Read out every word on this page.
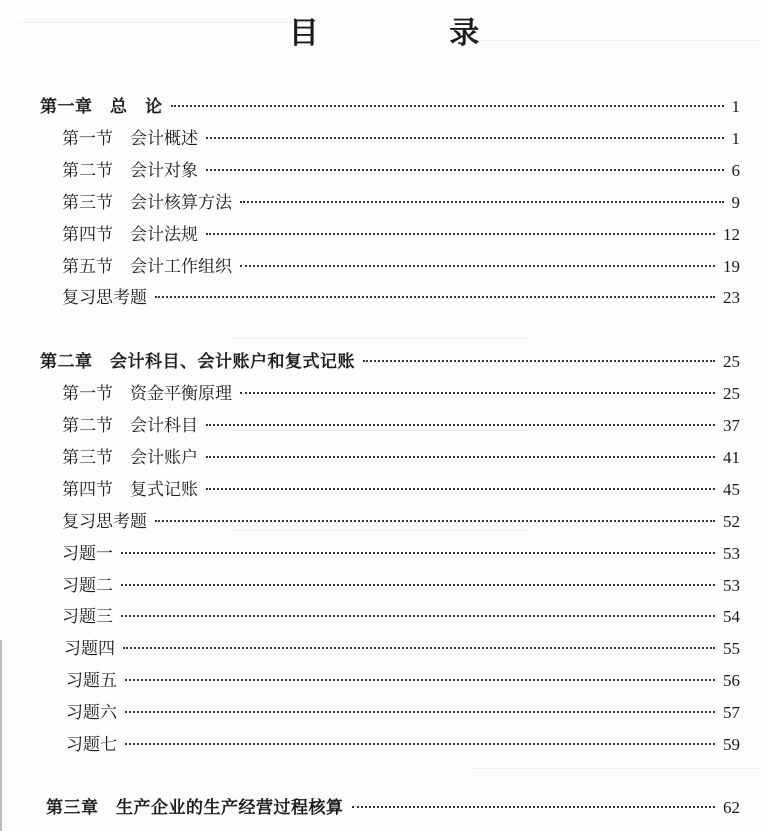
目 录
第一章　总　论	1
第一节　会计概述	1
第二节　会计对象	6
第三节　会计核算方法	9
第四节　会计法规	12
第五节　会计工作组织	19
复习思考题	23
第二章　会计科目、会计账户和复式记账	25
第一节　资金平衡原理	25
第二节　会计科目	37
第三节　会计账户	41
第四节　复式记账	45
复习思考题	52
习题一	53
习题二	53
习题三	54
习题四	55
习题五	56
习题六	57
习题七	59
第三章　生产企业的生产经营过程核算	62
